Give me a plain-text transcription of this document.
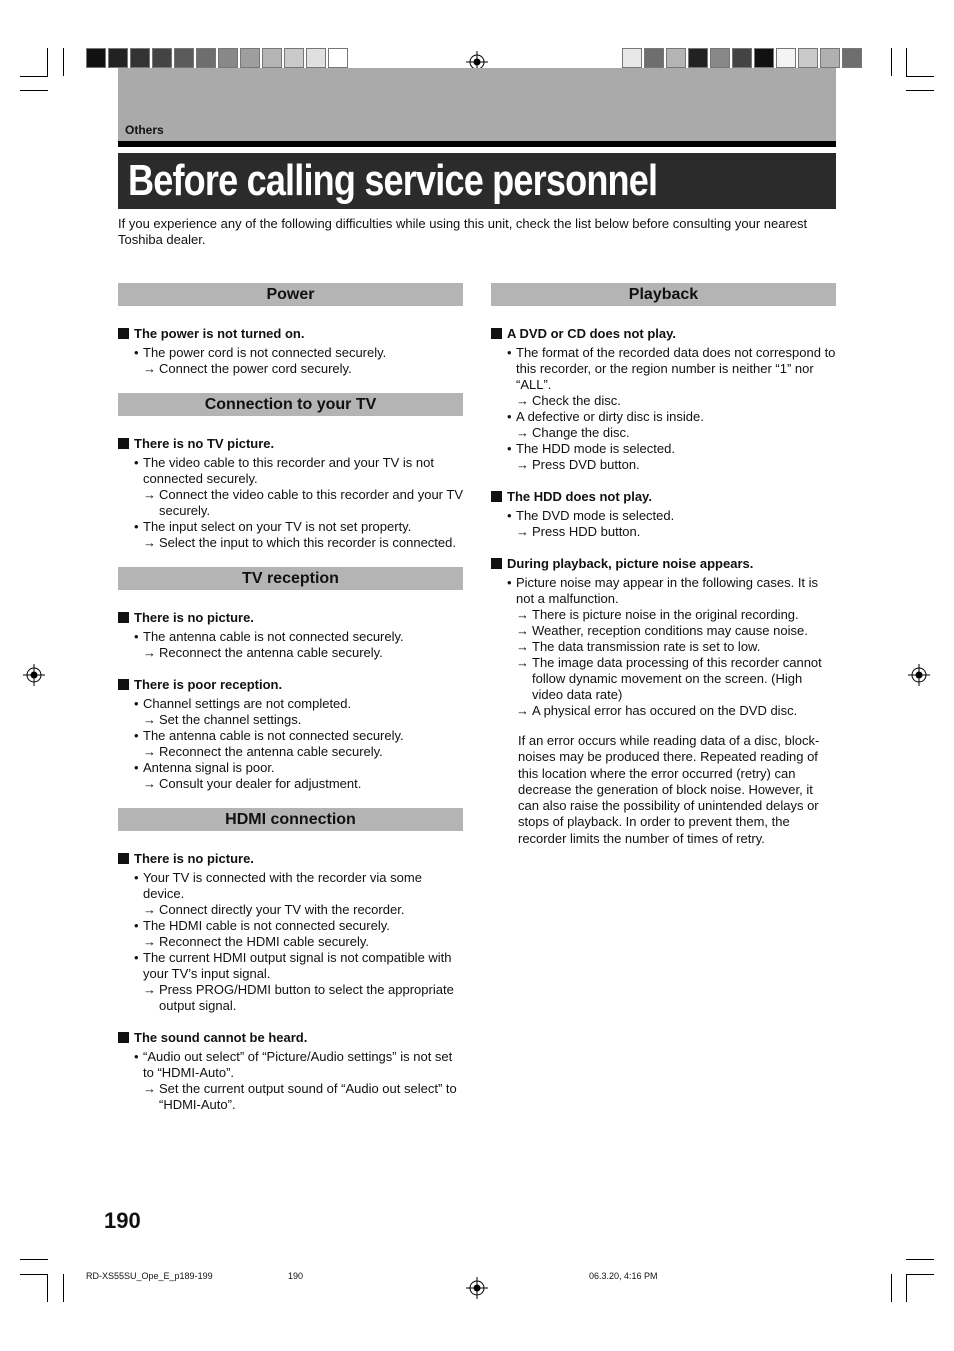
Others
Before calling service personnel

If you experience any of the following difficulties while using this unit, check the list below before consulting your nearest Toshiba dealer.

Power
The power is not turned on.
• The power cord is not connected securely.
→ Connect the power cord securely.
Connection to your TV
There is no TV picture.
• The video cable to this recorder and your TV is not connected securely.
→ Connect the video cable to this recorder and your TV securely.
• The input select on your TV is not set property.
→ Select the input to which this recorder is connected.
TV reception
There is no picture.
• The antenna cable is not connected securely.
→ Reconnect the antenna cable securely.
There is poor reception.
• Channel settings are not completed.
→ Set the channel settings.
• The antenna cable is not connected securely.
→ Reconnect the antenna cable securely.
• Antenna signal is poor.
→ Consult your dealer for adjustment.
HDMI connection
There is no picture.
• Your TV is connected with the recorder via some device.
→ Connect directly your TV with the recorder.
• The HDMI cable is not connected securely.
→ Reconnect the HDMI cable securely.
• The current HDMI output signal is not compatible with your TV’s input signal.
→ Press PROG/HDMI button to select the appropriate output signal.
The sound cannot be heard.
• “Audio out select” of “Picture/Audio settings” is not set to “HDMI-Auto”.
→ Set the current output sound of “Audio out select” to “HDMI-Auto”.
Playback
A DVD or CD does not play.
• The format of the recorded data does not correspond to this recorder, or the region number is neither “1” nor “ALL”.
→ Check the disc.
• A defective or dirty disc is inside.
→ Change the disc.
• The HDD mode is selected.
→ Press DVD button.
The HDD does not play.
• The DVD mode is selected.
→ Press HDD button.
During playback, picture noise appears.
• Picture noise may appear in the following cases. It is not a malfunction.
→ There is picture noise in the original recording.
→ Weather, reception conditions may cause noise.
→ The data transmission rate is set to low.
→ The image data processing of this recorder cannot follow dynamic movement on the screen. (High video data rate)
→ A physical error has occured on the DVD disc.

If an error occurs while reading data of a disc, block-noises may be produced there. Repeated reading of this location where the error occurred (retry) can decrease the generation of block noise. However, it can also raise the possibility of unintended delays or stops of playback. In order to prevent them, the recorder limits the number of times of retry.

190
RD-XS55SU_Ope_E_p189-199	190	06.3.20, 4:16 PM
